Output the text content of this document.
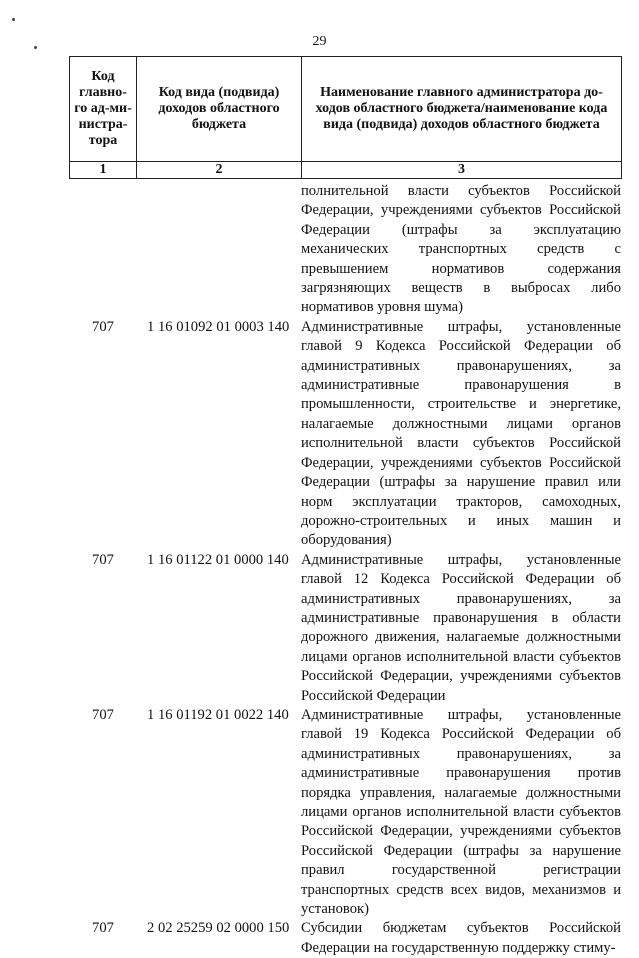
29
Код главно-го ад-ми-нистра-тора	Код вида (подвида) доходов областного бюджета	Наименование главного администратора до-ходов областного бюджета/наименование кода вида (подвида) доходов областного бюджета
1	2	3
полнительной власти субъектов Российской Федерации, учреждениями субъектов Российской Федерации (штрафы за эксплуатацию механических транспортных средств с превышением нормативов содержания загрязняющих веществ в выбросах либо нормативов уровня шума)
707	1 16 01092 01 0003 140 Административные штрафы, установленные главой 9 Кодекса Российской Федерации об административных правонарушениях, за административные правонарушения в промышленности, строительстве и энергетике, налагаемые должностными лицами органов исполнительной власти субъектов Российской Федерации, учреждениями субъектов Российской Федерации (штрафы за нарушение правил или норм эксплуатации тракторов, самоходных, дорожно-строительных и иных машин и оборудования)
707	1 16 01122 01 0000 140 Административные штрафы, установленные главой 12 Кодекса Российской Федерации об административных правонарушениях, за административные правонарушения в области дорожного движения, налагаемые должностными лицами органов исполнительной власти субъектов Российской Федерации, учреждениями субъектов Российской Федерации
707	1 16 01192 01 0022 140 Административные штрафы, установленные главой 19 Кодекса Российской Федерации об административных правонарушениях, за административные правонарушения против порядка управления, налагаемые должностными лицами органов исполнительной власти субъектов Российской Федерации, учреждениями субъектов Российской Федерации (штрафы за нарушение правил государственной регистрации транспортных средств всех видов, механизмов и установок)
707	2 02 25259 02 0000 150 Субсидии бюджетам субъектов Российской Федерации на государственную поддержку стиму-
